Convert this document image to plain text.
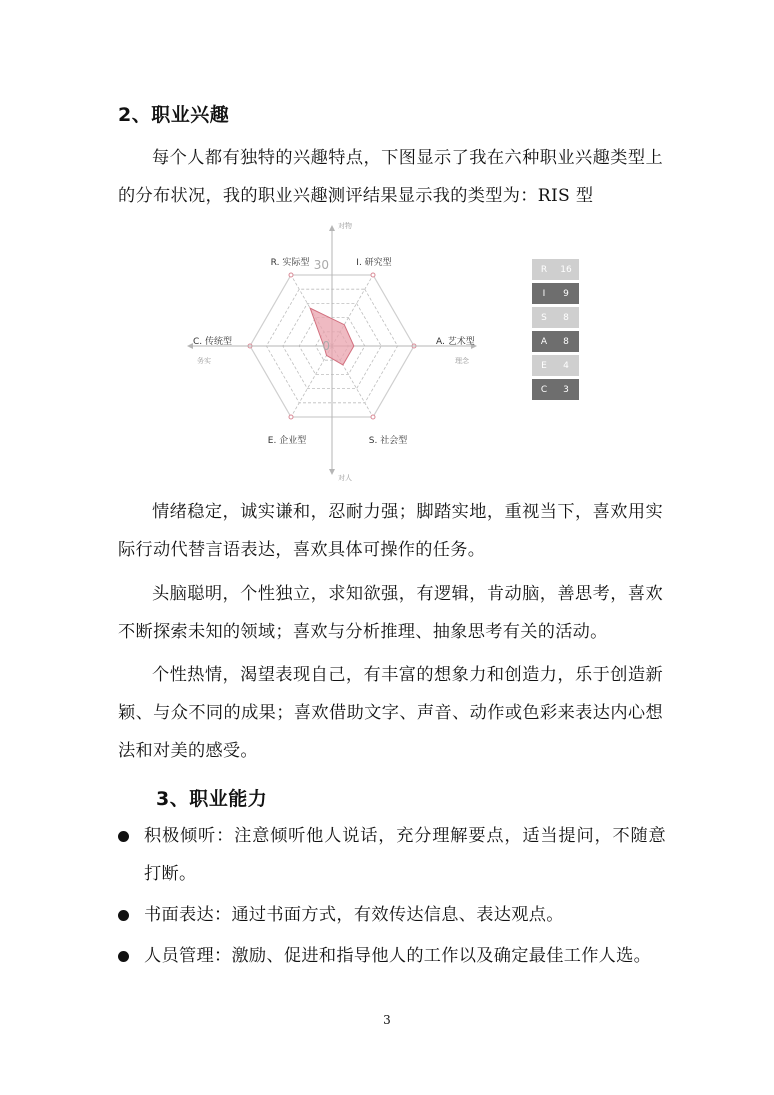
2、职业兴趣
每个人都有独特的兴趣特点，下图显示了我在六种职业兴趣类型上的分布状况，我的职业兴趣测评结果显示我的类型为：RIS 型
I. 研究型
A. 艺术型
S. 社会型
E. 企业型
C. 传统型
R. 实际型
对物
对人
务实	理念
30
0
R	16
I	9
S	8
A	8
E	4
C	3
情绪稳定，诚实谦和，忍耐力强；脚踏实地，重视当下，喜欢用实际行动代替言语表达，喜欢具体可操作的任务。
头脑聪明，个性独立，求知欲强，有逻辑，肯动脑，善思考，喜欢不断探索未知的领域；喜欢与分析推理、抽象思考有关的活动。
个性热情，渴望表现自己，有丰富的想象力和创造力，乐于创造新颖、与众不同的成果；喜欢借助文字、声音、动作或色彩来表达内心想法和对美的感受。
3、职业能力
积极倾听：注意倾听他人说话，充分理解要点，适当提问，不随意打断。
书面表达：通过书面方式，有效传达信息、表达观点。
人员管理：激励、促进和指导他人的工作以及确定最佳工作人选。
3
